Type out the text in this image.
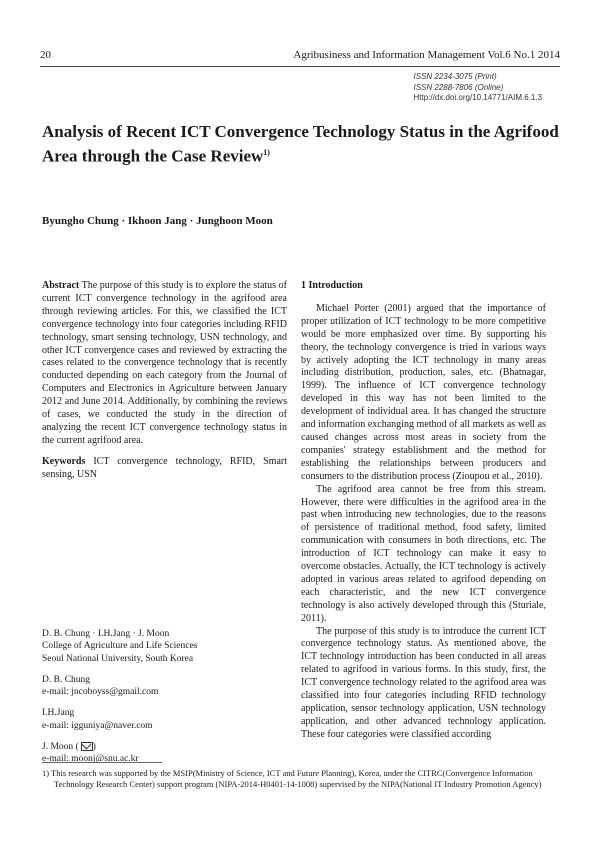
20	Agribusiness and Information Management Vol.6 No.1 2014
ISSN 2234-3075 (Print)
ISSN 2288-7806 (Online)
Http://dx.doi.org/10.14771/AIM.6.1.3
Analysis of Recent ICT Convergence Technology Status in the Agrifood
Area through the Case Review$^{1)}$
Byungho Chung · Ikhoon Jang · Junghoon Moon
Abstract The purpose of this study is to explore the status of current ICT convergence technology in the agrifood area through reviewing articles. For this, we classified the ICT convergence technology into four categories including RFID technology, smart sensing technology, USN technology, and other ICT convergence cases and reviewed by extracting the cases related to the convergence technology that is recently conducted depending on each category from the Journal of Computers and Electronics in Agriculture between January 2012 and June 2014. Additionally, by combining the reviews of cases, we conducted the study in the direction of analyzing the recent ICT convergence technology status in the current agrifood area.
Keywords ICT convergence technology, RFID, Smart sensing, USN
1 Introduction

Michael Porter (2001) argued that the importance of proper utilization of ICT technology to be more competitive would be more emphasized over time. By supporting his theory, the technology convergence is tried in various ways by actively adopting the ICT technology in many areas including distribution, production, sales, etc. (Bhatnagar, 1999). The influence of ICT convergence technology developed in this way has not been limited to the development of individual area. It has changed the structure and information exchanging method of all markets as well as caused changes across most areas in society from the companies' strategy establishment and the method for establishing the relationships between producers and consumers to the distribution process (Zioupou et al., 2010).

The agrifood area cannot be free from this stream. However, there were difficulties in the agrifood area in the past when introducing new technologies, due to the reasons of persistence of traditional method, food safety, limited communication with consumers in both directions, etc. The introduction of ICT technology can make it easy to overcome obstacles. Actually, the ICT technology is actively adopted in various areas related to agrifood depending on each characteristic, and the new ICT convergence technology is also actively developed through this (Sturiale, 2011).

The purpose of this study is to introduce the current ICT convergence technology status. As mentioned above, the ICT technology introduction has been conducted in all areas related to agrifood in various forms. In this study, first, the ICT convergence technology related to the agrifood area was classified into four categories including RFID technology application, sensor technology application, USN technology application, and other advanced technology application. These four categories were classified according

D. B. Chung · I.H.Jang · J. Moon
College of Agriculture and Life Sciences
Seoul National University, South Korea
D. B. Chung
e-mail: jncoboyss@gmail.com
I.H.Jang
e-mail: igguniya@naver.com
J. Moon ( )
e-mail: moonj@snu.ac.kr
1) This research was supported by the MSIP(Ministry of Science, ICT and Future Planning), Korea, under the CITRC(Convergence Information
Technology Research Center) support program (NIPA-2014-H0401-14-1008) supervised by the NIPA(National IT Industry Promotion Agency)
